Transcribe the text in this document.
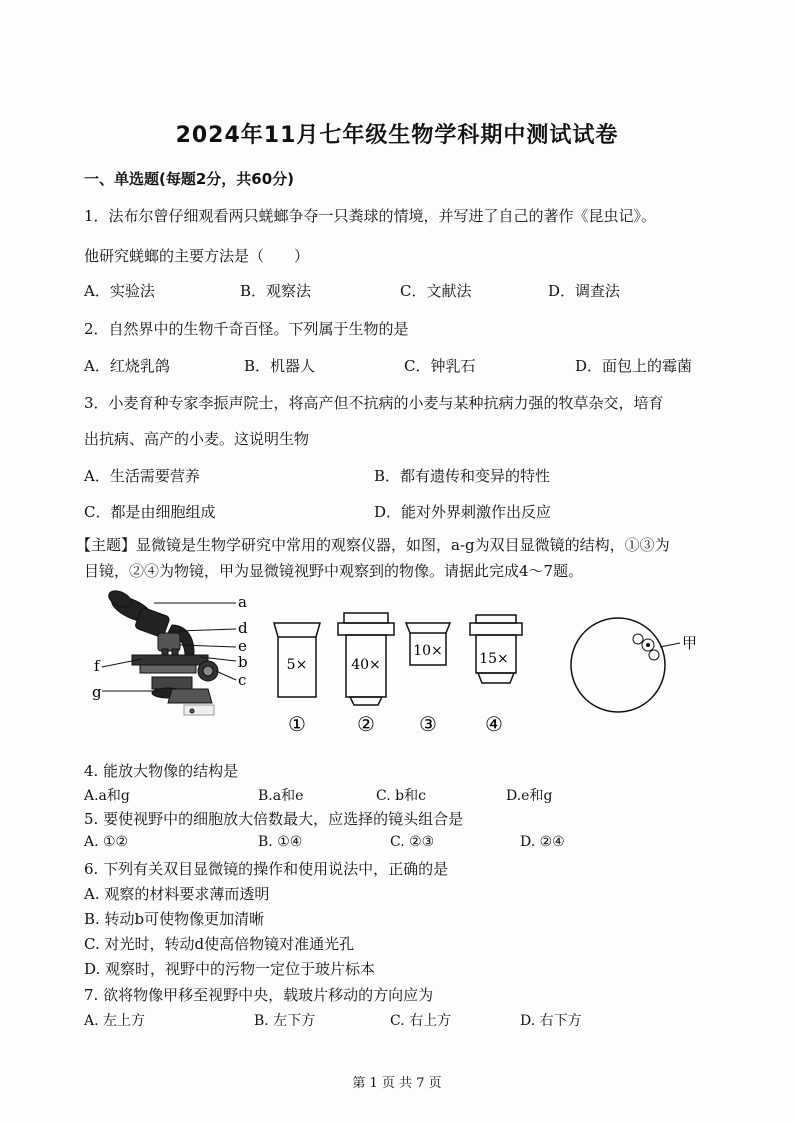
2024年11月七年级生物学科期中测试试卷
一、单选题(每题2分，共60分)
1．法布尔曾仔细观看两只蜣螂争夺一只粪球的情境，并写进了自己的著作《昆虫记》。
他研究蜣螂的主要方法是（　　）
A．实验法	B．观察法	C．文献法	D．调查法
2．自然界中的生物千奇百怪。下列属于生物的是
A．红烧乳鸽	B．机器人	C．钟乳石	D．面包上的霉菌
3．小麦育种专家李振声院士，将高产但不抗病的小麦与某种抗病力强的牧草杂交，培育
出抗病、高产的小麦。这说明生物
A．生活需要营养	B．都有遗传和变异的特性
C．都是由细胞组成	D．能对外界刺激作出反应
【主题】显微镜是生物学研究中常用的观察仪器，如图，a-g为双目显微镜的结构，①③为
目镜，②④为物镜，甲为显微镜视野中观察到的物像。请据此完成4～7题。
a
d
e
b
c
f
g
5×
①
40×
②
10×
③
15×
④
甲
4. 能放大物像的结构是
A.a和g	B.a和e	C. b和c	D.e和g
5. 要使视野中的细胞放大倍数最大，应选择的镜头组合是
A. ①②	B. ①④	C. ②③	D. ②④
6. 下列有关双目显微镜的操作和使用说法中，正确的是
A. 观察的材料要求薄而透明
B. 转动b可使物像更加清晰
C. 对光时，转动d使高倍物镜对准通光孔
D. 观察时，视野中的污物一定位于玻片标本
7. 欲将物像甲移至视野中央，载玻片移动的方向应为
A. 左上方	B. 左下方	C. 右上方	D. 右下方
第 1 页 共 7 页
